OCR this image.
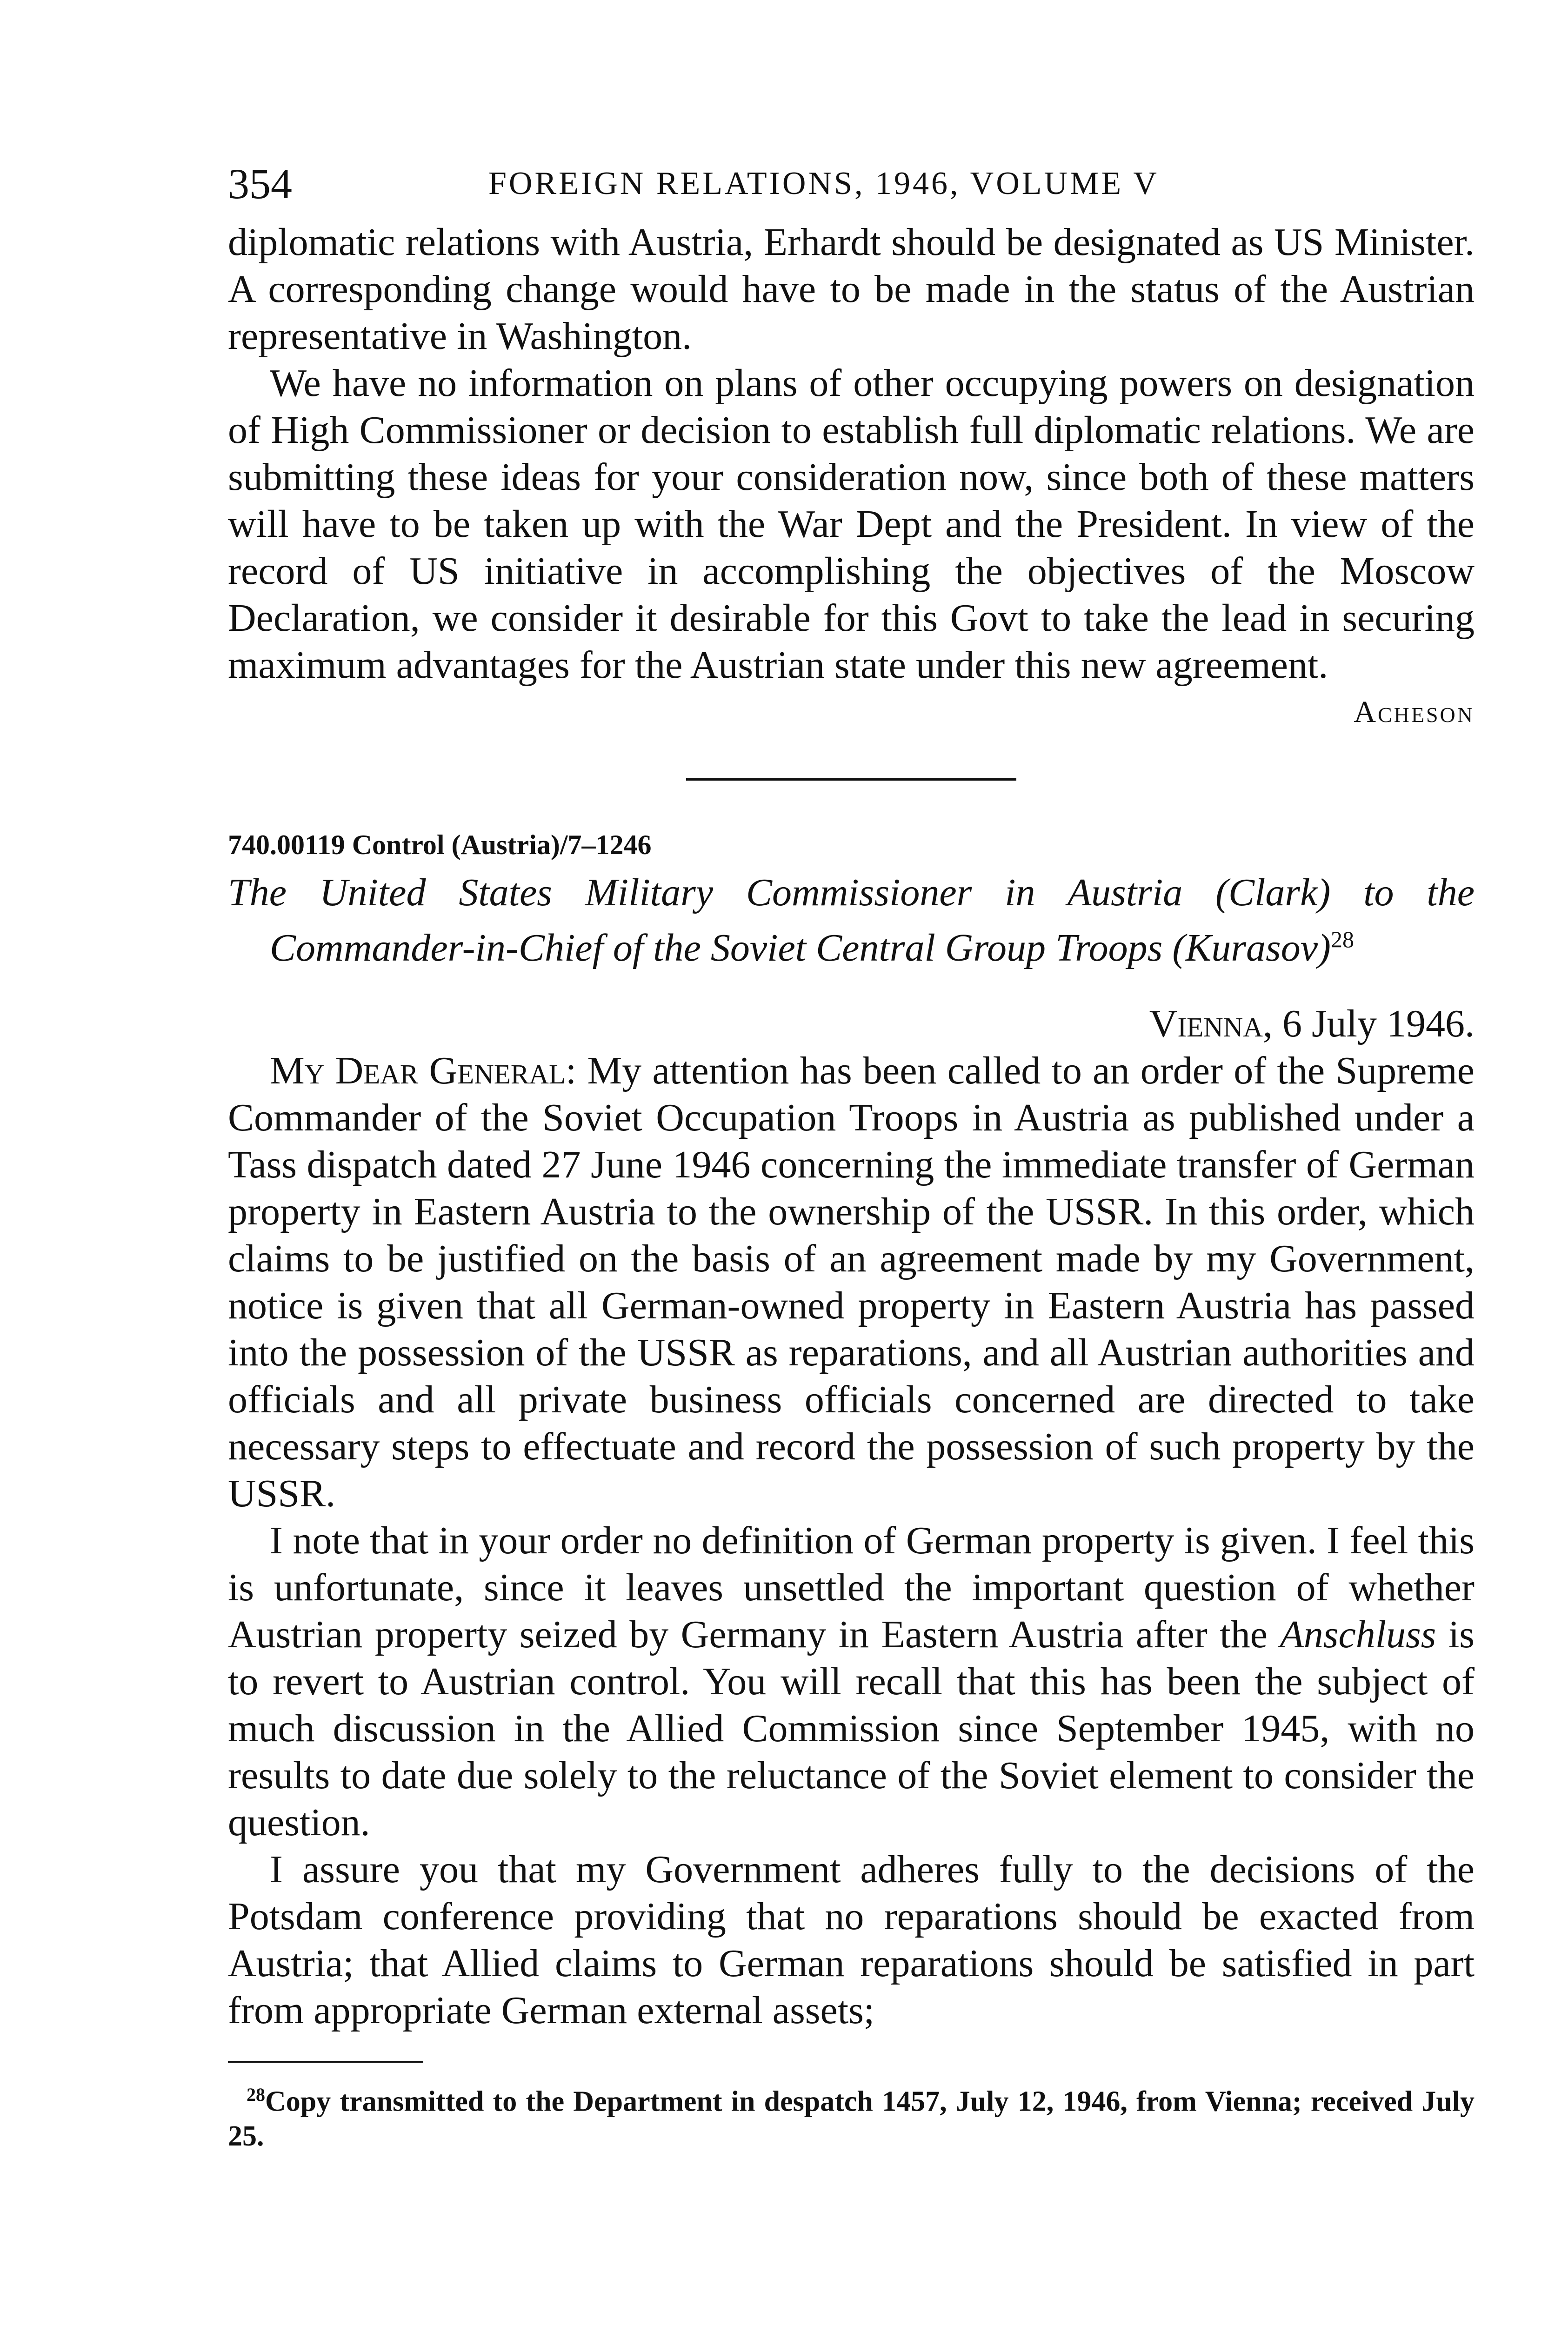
354	FOREIGN RELATIONS, 1946, VOLUME V

diplomatic relations with Austria, Erhardt should be designated as US Minister. A corresponding change would have to be made in the status of the Austrian representative in Washington.

We have no information on plans of other occupying powers on designation of High Commissioner or decision to establish full diplomatic relations. We are submitting these ideas for your consideration now, since both of these matters will have to be taken up with the War Dept and the President. In view of the record of US initiative in accomplishing the objectives of the Moscow Declaration, we consider it desirable for this Govt to take the lead in securing maximum advantages for the Austrian state under this new agreement.

Acheson
740.00119 Control (Austria)/7–1246

The United States Military Commissioner in Austria (Clark) to the Commander-in-Chief of the Soviet Central Group Troops (Kurasov)$^{28}$

Vienna, 6 July 1946.

My Dear General: My attention has been called to an order of the Supreme Commander of the Soviet Occupation Troops in Austria as published under a Tass dispatch dated 27 June 1946 concerning the immediate transfer of German property in Eastern Austria to the ownership of the USSR. In this order, which claims to be justified on the basis of an agreement made by my Government, notice is given that all German-owned property in Eastern Austria has passed into the possession of the USSR as reparations, and all Austrian authorities and officials and all private business officials concerned are directed to take necessary steps to effectuate and record the possession of such property by the USSR.

I note that in your order no definition of German property is given. I feel this is unfortunate, since it leaves unsettled the important question of whether Austrian property seized by Germany in Eastern Austria after the Anschluss is to revert to Austrian control. You will recall that this has been the subject of much discussion in the Allied Commission since September 1945, with no results to date due solely to the reluctance of the Soviet element to consider the question.

I assure you that my Government adheres fully to the decisions of the Potsdam conference providing that no reparations should be exacted from Austria; that Allied claims to German reparations should be satisfied in part from appropriate German external assets;

$^{28}$Copy transmitted to the Department in despatch 1457, July 12, 1946, from Vienna; received July 25.
